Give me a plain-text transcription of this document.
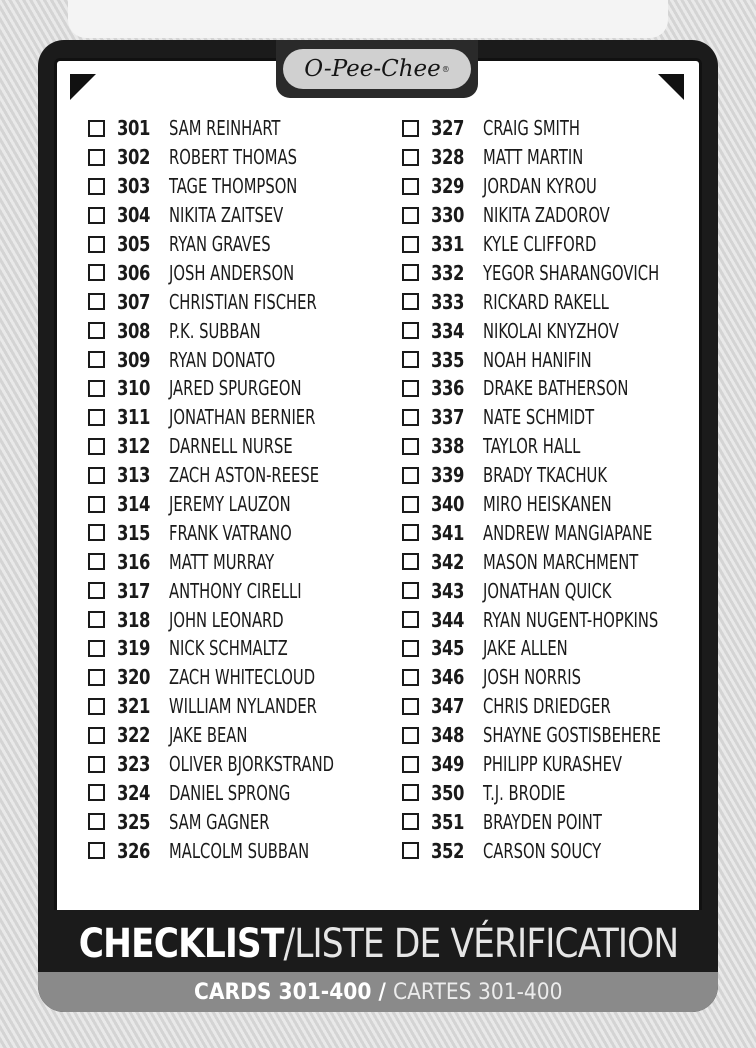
O-Pee-Chee ®
301 SAM REINHART
302 ROBERT THOMAS
303 TAGE THOMPSON
304 NIKITA ZAITSEV
305 RYAN GRAVES
306 JOSH ANDERSON
307 CHRISTIAN FISCHER
308 P.K. SUBBAN
309 RYAN DONATO
310 JARED SPURGEON
311 JONATHAN BERNIER
312 DARNELL NURSE
313 ZACH ASTON-REESE
314 JEREMY LAUZON
315 FRANK VATRANO
316 MATT MURRAY
317 ANTHONY CIRELLI
318 JOHN LEONARD
319 NICK SCHMALTZ
320 ZACH WHITECLOUD
321 WILLIAM NYLANDER
322 JAKE BEAN
323 OLIVER BJORKSTRAND
324 DANIEL SPRONG
325 SAM GAGNER
326 MALCOLM SUBBAN
327 CRAIG SMITH
328 MATT MARTIN
329 JORDAN KYROU
330 NIKITA ZADOROV
331 KYLE CLIFFORD
332 YEGOR SHARANGOVICH
333 RICKARD RAKELL
334 NIKOLAI KNYZHOV
335 NOAH HANIFIN
336 DRAKE BATHERSON
337 NATE SCHMIDT
338 TAYLOR HALL
339 BRADY TKACHUK
340 MIRO HEISKANEN
341 ANDREW MANGIAPANE
342 MASON MARCHMENT
343 JONATHAN QUICK
344 RYAN NUGENT-HOPKINS
345 JAKE ALLEN
346 JOSH NORRIS
347 CHRIS DRIEDGER
348 SHAYNE GOSTISBEHERE
349 PHILIPP KURASHEV
350 T.J. BRODIE
351 BRAYDEN POINT
352 CARSON SOUCY
CHECKLIST/LISTE DE VÉRIFICATION
CARDS 301-400 / CARTES 301-400
